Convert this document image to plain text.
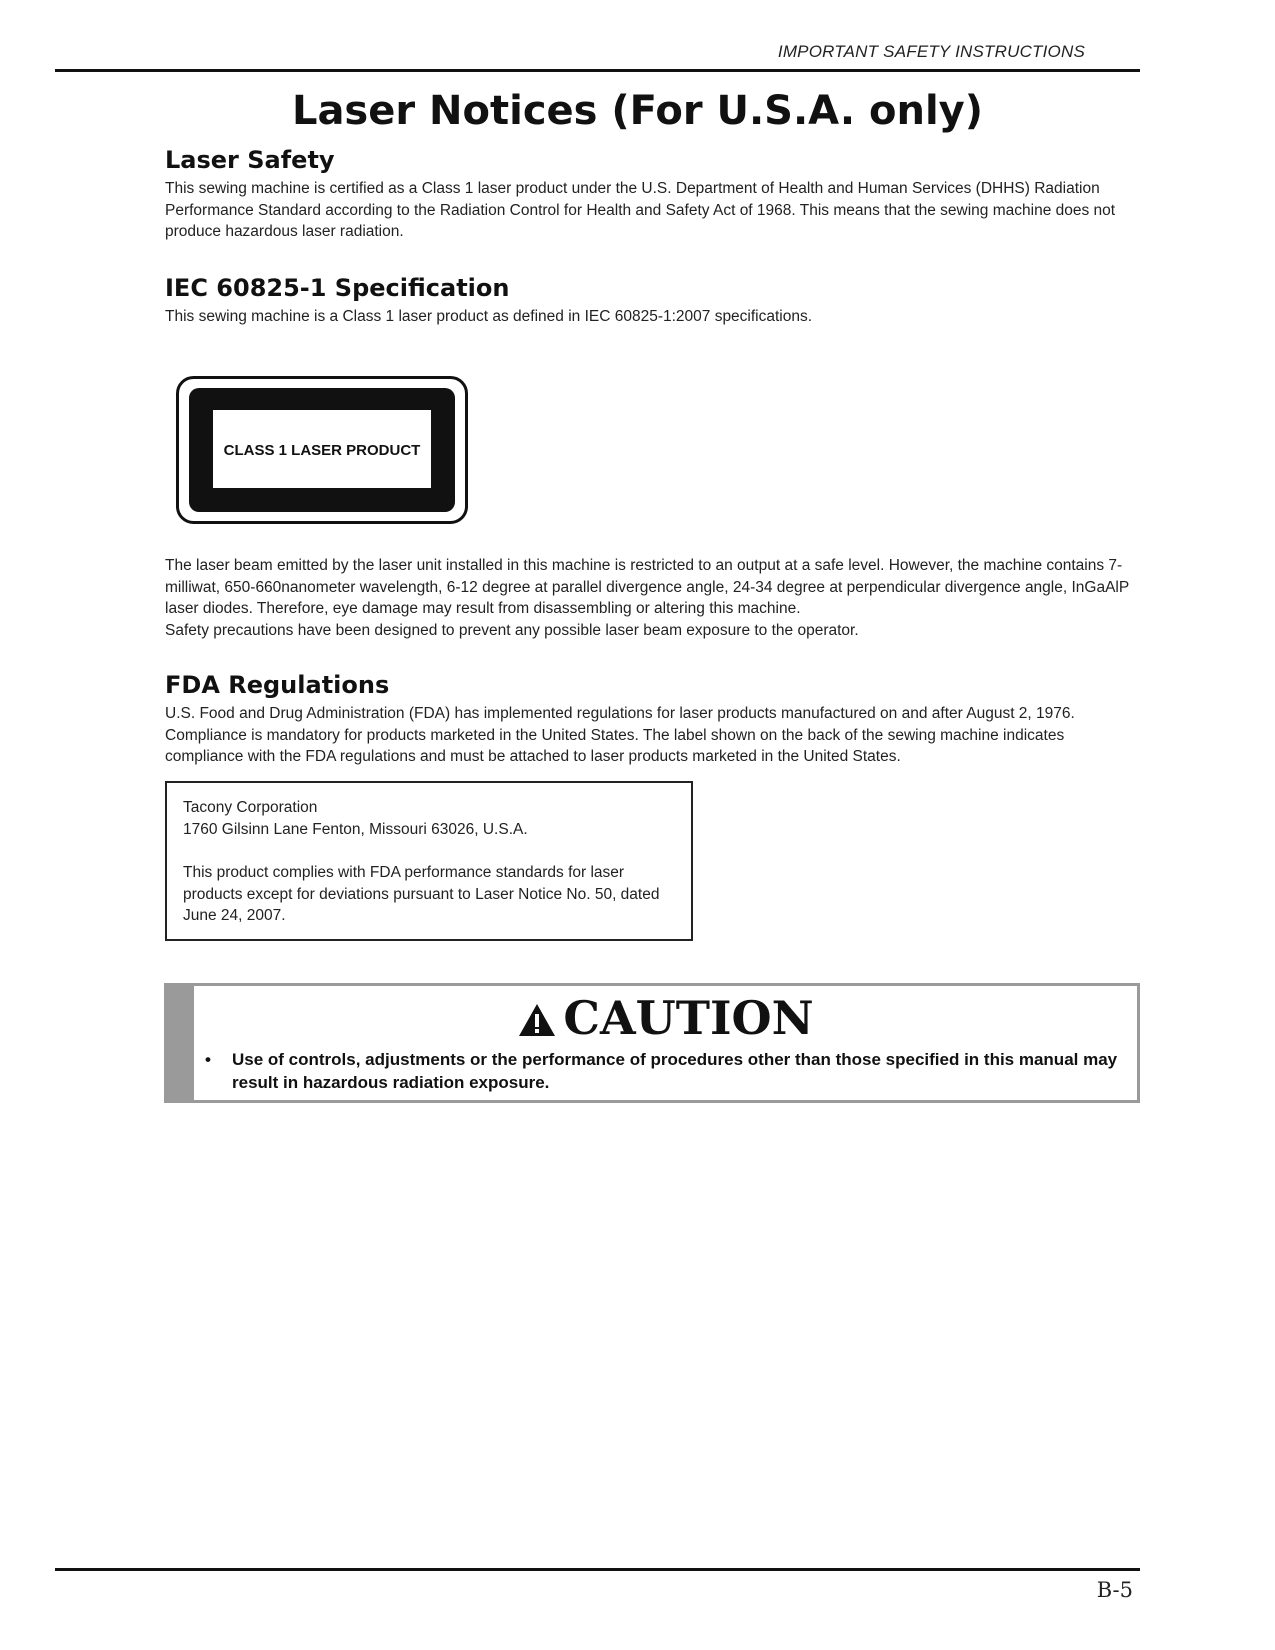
IMPORTANT SAFETY INSTRUCTIONS
Laser Notices (For U.S.A. only)
Laser Safety

This sewing machine is certified as a Class 1 laser product under the U.S. Department of Health and Human Services (DHHS) Radiation Performance Standard according to the Radiation Control for Health and Safety Act of 1968. This means that the sewing machine does not produce hazardous laser radiation.

IEC 60825-1 Specification

This sewing machine is a Class 1 laser product as defined in IEC 60825-1:2007 specifications.

CLASS 1 LASER PRODUCT

The laser beam emitted by the laser unit installed in this machine is restricted to an output at a safe level. However, the machine contains 7-milliwat, 650-660nanometer wavelength, 6-12 degree at parallel divergence angle, 24-34 degree at perpendicular divergence angle, InGaAlP laser diodes. Therefore, eye damage may result from disassembling or altering this machine.

Safety precautions have been designed to prevent any possible laser beam exposure to the operator.

FDA Regulations

U.S. Food and Drug Administration (FDA) has implemented regulations for laser products manufactured on and after August 2, 1976. Compliance is mandatory for products marketed in the United States. The label shown on the back of the sewing machine indicates compliance with the FDA regulations and must be attached to laser products marketed in the United States.

Tacony Corporation

1760 Gilsinn Lane Fenton, Missouri 63026, U.S.A.

This product complies with FDA performance standards for laser products except for deviations pursuant to Laser Notice No. 50, dated June 24, 2007.

CAUTION
• Use of controls, adjustments or the performance of procedures other than those specified in this manual may result in hazardous radiation exposure.
B-5
